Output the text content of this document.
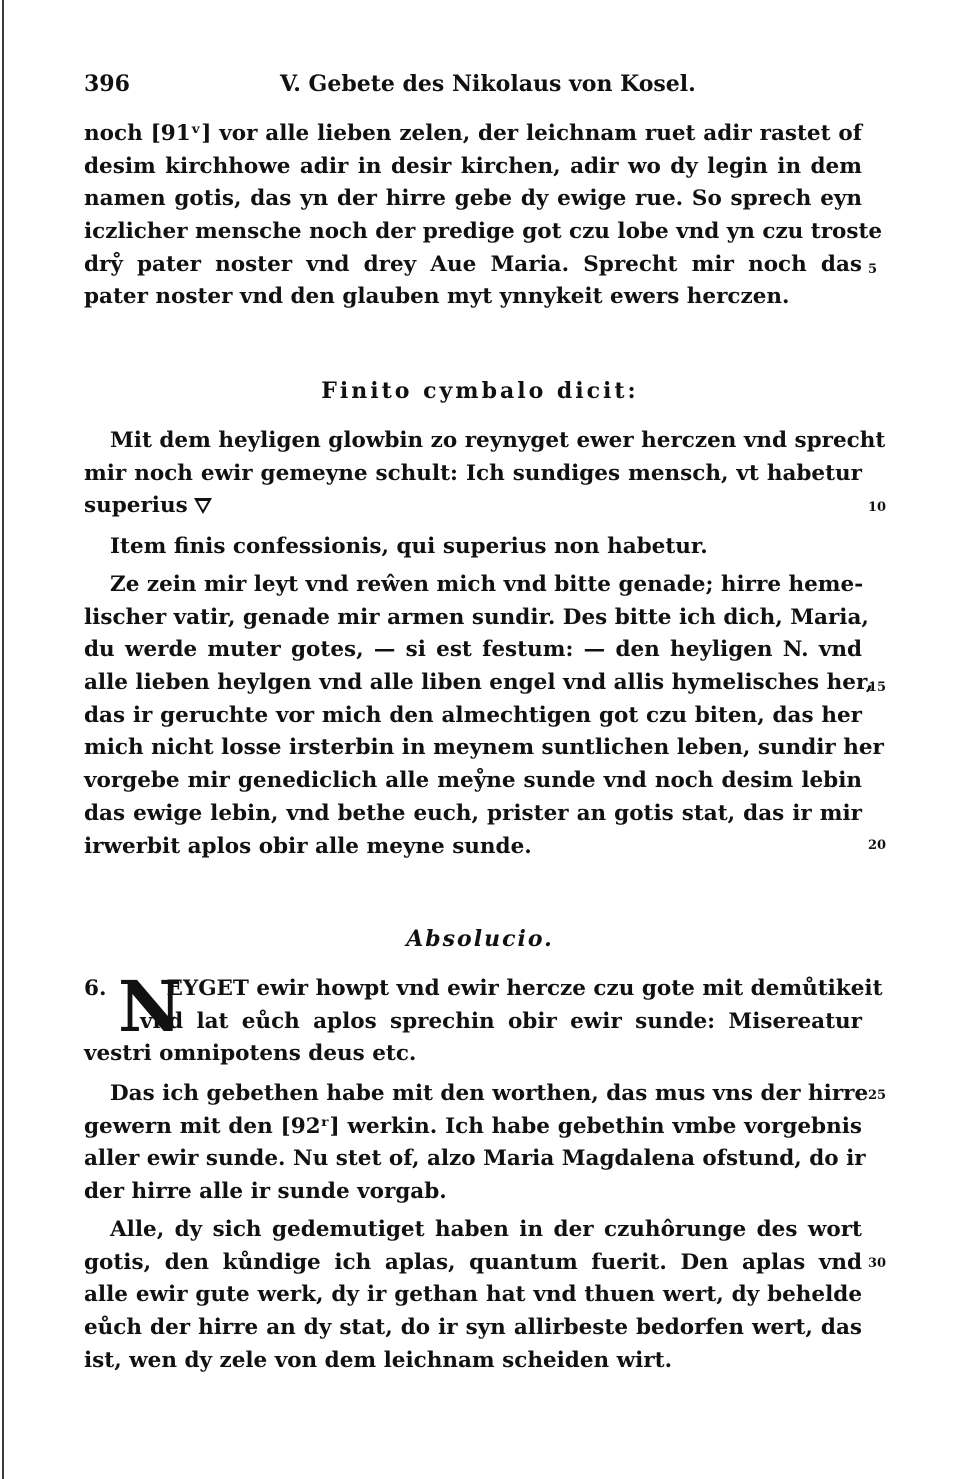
396	V. Gebete des Nikolaus von Kosel.
noch [91ᵛ] vor alle lieben zelen, der leichnam ruet adir rastet of
desim kirchhowe adir in desir kirchen, adir wo dy legin in dem
namen gotis, das yn der hirre gebe dy ewige rue. So sprech eyn
iczlicher mensche noch der predige got czu lobe vnd yn czu troste
drẙ pater noster vnd drey Aue Maria. Sprecht mir noch das
pater noster vnd den glauben myt ynnykeit ewers herczen.
5
Finito cymbalo dicit:
Mit dem heyligen glowbin zo reynyget ewer herczen vnd sprecht
mir noch ewir gemeyne schult: Ich sundiges mensch, vt habetur
superius	10
Item finis confessionis, qui superius non habetur.
Ze zein mir leyt vnd reŵen mich vnd bitte genade; hirre heme-
lischer vatir, genade mir armen sundir. Des bitte ich dich, Maria,
du werde muter gotes, — si est festum: — den heyligen N. vnd
alle lieben heylgen vnd alle liben engel vnd allis hymelisches her,
das ir geruchte vor mich den almechtigen got czu biten, das her
mich nicht losse irsterbin in meynem suntlichen leben, sundir her
vorgebe mir genediclich alle meẙne sunde vnd noch desim lebin
das ewige lebin, vnd bethe euch, prister an gotis stat, das ir mir
irwerbit aplos obir alle meyne sunde.
15
20
Absolucio.
6.	EYGET ewir howpt vnd ewir hercze czu gote mit demůtikeit
vnd lat eůch aplos sprechin obir ewir sunde: Misereatur
vestri omnipotens deus etc.
N
Das ich gebethen habe mit den worthen, das mus vns der hirre
gewern mit den [92ʳ] werkin. Ich habe gebethin vmbe vorgebnis
aller ewir sunde. Nu stet of, alzo Maria Magdalena ofstund, do ir
der hirre alle ir sunde vorgab.
25
Alle, dy sich gedemutiget haben in der czuhôrunge des wort
gotis, den kůndige ich aplas, quantum fuerit. Den aplas vnd
alle ewir gute werk, dy ir gethan hat vnd thuen wert, dy behelde
eůch der hirre an dy stat, do ir syn allirbeste bedorfen wert, das
ist, wen dy zele von dem leichnam scheiden wirt.
30
